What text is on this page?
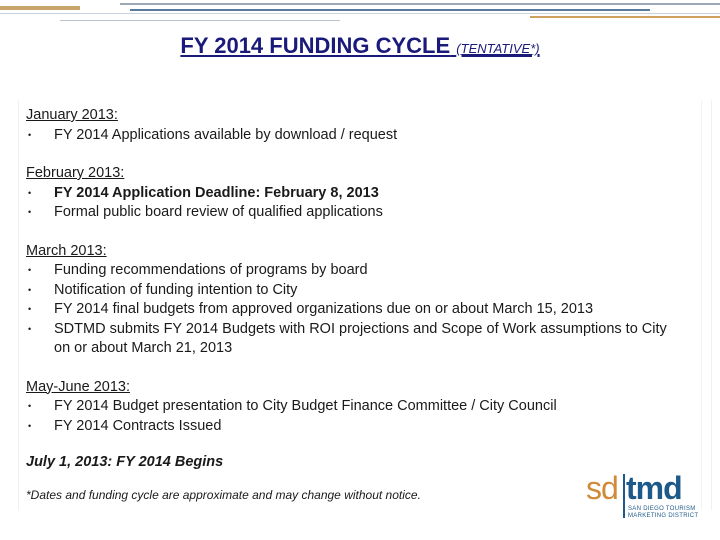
FY 2014 FUNDING CYCLE (TENTATIVE*)
January 2013:
•	FY 2014 Applications available by download / request
February 2013:
•	FY 2014 Application Deadline: February 8, 2013
•	Formal public board review of qualified applications
March 2013:
•	Funding recommendations of programs by board
•	Notification of funding intention to City
•	FY 2014 final budgets from approved organizations due on or about March 15, 2013
•	SDTMD submits FY 2014 Budgets with ROI projections and Scope of Work assumptions to City on or about March 21, 2013
May-June 2013:
•	FY 2014 Budget presentation to City Budget Finance Committee / City Council
•	FY 2014 Contracts Issued
July 1, 2013: FY 2014 Begins
*Dates and funding cycle are approximate and may change without notice.	sd tmd
SAN DIEGO TOURISM
MARKETING DISTRICT
